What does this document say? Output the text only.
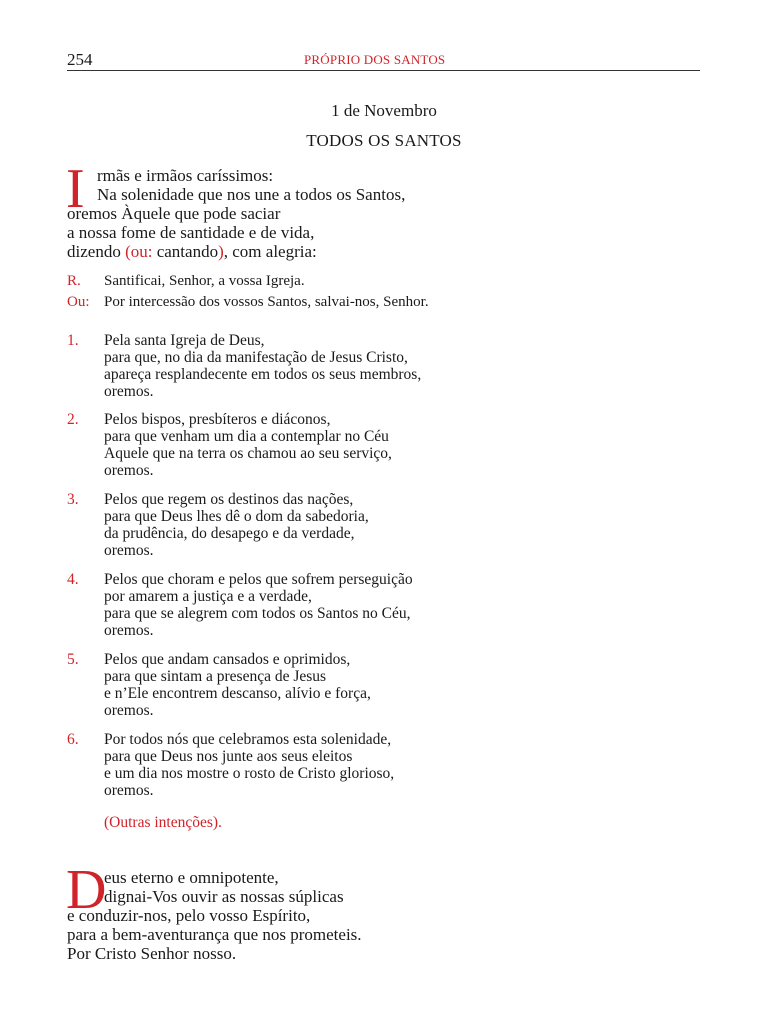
254	PRÓPRIO DOS SANTOS
1 de Novembro
TODOS OS SANTOS
I rmãs e irmãos caríssimos:
Na solenidade que nos une a todos os Santos,
oremos Àquele que pode saciar
a nossa fome de santidade e de vida,
dizendo (ou: cantando), com alegria:
R. Santificai, Senhor, a vossa Igreja.
Ou: Por intercessão dos vossos Santos, salvai-nos, Senhor.
1. Pela santa Igreja de Deus,
para que, no dia da manifestação de Jesus Cristo,
apareça resplandecente em todos os seus membros,
oremos.
2. Pelos bispos, presbíteros e diáconos,
para que venham um dia a contemplar no Céu
Aquele que na terra os chamou ao seu serviço,
oremos.
3. Pelos que regem os destinos das nações,
para que Deus lhes dê o dom da sabedoria,
da prudência, do desapego e da verdade,
oremos.
4. Pelos que choram e pelos que sofrem perseguição
por amarem a justiça e a verdade,
para que se alegrem com todos os Santos no Céu,
oremos.
5. Pelos que andam cansados e oprimidos,
para que sintam a presença de Jesus
e n’Ele encontrem descanso, alívio e força,
oremos.
6. Por todos nós que celebramos esta solenidade,
para que Deus nos junte aos seus eleitos
e um dia nos mostre o rosto de Cristo glorioso,
oremos.
(Outras intenções).
D
eus eterno e omnipotente,
dignai-Vos ouvir as nossas súplicas
e conduzir-nos, pelo vosso Espírito,
para a bem-aventurança que nos prometeis.
Por Cristo Senhor nosso.
